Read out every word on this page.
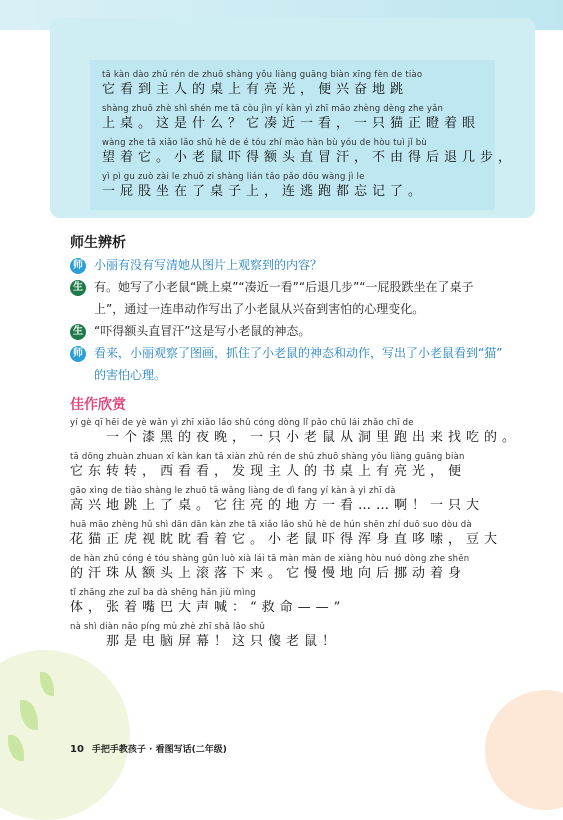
tā kàn dào zhǔ rén de zhuō shàng yǒu liàng guāng biàn xīng fèn de tiào
它看到主人的桌上有亮光，便兴奋地跳
shàng zhuō zhè shì shén me tā còu jìn yí kàn yì zhī māo zhèng dèng zhe yǎn
上桌。这是什么？它凑近一看，一只猫正瞪着眼
wàng zhe tā xiǎo lǎo shǔ hè de é tóu zhí mào hàn bù yóu de hòu tuì jǐ bù
望着它。小老鼠吓得额头直冒汗，不由得后退几步，
yì pì gu zuò zài le zhuō zi shàng lián tǎo pǎo dōu wàng jì le
一屁股坐在了桌子上，连逃跑都忘记了。
师生辨析
师 小丽有没有写清她从图片上观察到的内容？
生 有。她写了小老鼠“跳上桌”“凑近一看”“后退几步”“一屁股跌坐在了桌子
上”，通过一连串动作写出了小老鼠从兴奋到害怕的心理变化。
生 “吓得额头直冒汗”这是写小老鼠的神态。
师 看来，小丽观察了图画，抓住了小老鼠的神态和动作，写出了小老鼠看到“猫”
的害怕心理。
佳作欣赏
yí gè qī hēi de yè wǎn yì zhī xiǎo lǎo shǔ cóng dòng lǐ pǎo chū lái zhǎo chī de
　　一个漆黑的夜晚，一只小老鼠从洞里跑出来找吃的。
tā dōng zhuàn zhuan xī kàn kan tā xiàn zhǔ rén de shū zhuō shàng yǒu liàng guāng biàn
它东转转，西看看，发现主人的书桌上有亮光，便
gāo xìng de tiào shàng le zhuō tā wǎng liàng de dì fang yí kàn à yì zhī dà
高兴地跳上了桌。它往亮的地方一看……啊！一只大
huā māo zhèng hǔ shì dān dān kàn zhe tā xiǎo lǎo shǔ hè de hún shēn zhí duō suo dòu dà
花猫正虎视眈眈看着它。小老鼠吓得浑身直哆嗦，豆大
de hàn zhū cóng é tóu shàng gǔn luò xià lái tā màn màn de xiàng hòu nuó dòng zhe shēn
的汗珠从额头上滚落下来。它慢慢地向后挪动着身
tǐ zhāng zhe zuǐ ba dà shēng hǎn jiù mìng
体，张着嘴巴大声喊：“救命——”
nà shì diàn nǎo píng mù zhè zhī shǎ lǎo shǔ
　　那是电脑屏幕！这只傻老鼠！
10 手把手教孩子 · 看图写话(二年级)
